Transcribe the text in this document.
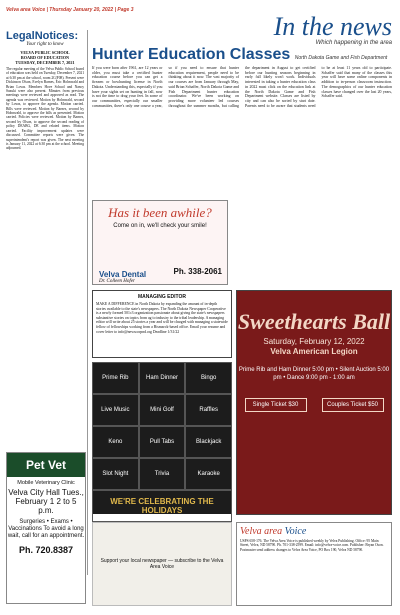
Velva area Voice | Thursday January 20, 2022 | Page 3
In the news
Which happening in the area
LegalNotices:
Your right to know
VELVA PUBLIC SCHOOL
BOARD OF EDUCATION
TUESDAY, DECEMBER 7, 2021
The regular meeting of the Velva Public School board of education was held on Tuesday, December 7, 2021 at 6:30 pm at the school, room 2C(F08). Present were Dickinson Olson, Evelyn Barnes, Eric Hohnwald and Brian Lovas. Members Hove Schuol and Nancy Suzuki were also present. Minutes from previous meetings were reviewed and approved as read. The agenda was reviewed. Motion by Hohnwald, second by Lovas, to approve the agenda. Motion carried. Bills were reviewed. Motion by Barnes, second by Hohnwald, to approve the bills as presented. Motion carried. Policies were reviewed. Motion by Barnes, second by Olson, to approve the second reading of policy DEABG, DE and related items. Motion carried. Facility improvement updates were discussed. Committee reports were given. The superintendent's report was given. The next meeting is January 11, 2022 at 6:30 pm at the school. Meeting adjourned.
Pet Vet
Mobile Veterinary Clinic
Velva City Hall Tues., February 1 2 to 5 p.m.
Surgeries • Exams • Vaccinations To avoid a long wait, call for an appointment.
Ph. 720.8387
Hunter Education Classes North Dakota Game and Fish Department
If you were born after 1961, are 12 years or older, you must take a certified hunter education course before you can get a firearm or bowhunting license in North Dakota. Understanding this, especially if you have your sights set on hunting in fall, now is not the time to drag your feet. In some of our communities, especially our smaller communities, there's only one course a year, so if you need to ensure that hunter education requirement, people need to be thinking about it now. The vast majority of our courses are from January through May, said Brian Schaffer, North Dakota Game and Fish Department hunter education coordinator. We've been working on providing more volunteer led courses throughout the summer months, but calling the department in August to get certified before our hunting seasons beginning in early fall likely won't work. Individuals interested in taking a hunter education class in 2022 must click on the education link at the North Dakota Game and Fish Department website. Classes are listed by city and can also be sorted by start date. Parents need to be aware that students need to be at least 11 years old to participate. Schaffer said that many of the classes this year will have some online components in addition to in-person classroom instruction. The demographics of our hunter education classes have changed over the last 20 years, Schaffer said.
Has it been awhile?
Come on in, we'll check your smile!
Velva Dental
Dr. Colleen Hofer
Ph. 338-2061
MANAGING EDITOR
MAKE A DIFFERENCE in North Dakota by expanding the amount of in-depth stories available to the state's newspapers. The North Dakota Newspaper Cooperative is a newly formed 501c3 organization passionate about giving the state's newspapers substantive stories on topics from ag to industry to the tribal leadership. A managing editor will write about 25 stories a year and will be charged with managing a statewide fellow of fellowships working from a Bismarck-based office. Email your resume and cover letter to info@newscorpnd.org Deadline 1/31/22
Prime Rib	Ham Dinner	Bingo
Live Music	Mini Golf	Raffles
Keno	Pull Tabs	Blackjack
Slot Night	Trivia	Karaoke
WE'RE CELEBRATING THE HOLIDAYS
Sweethearts Ball
Saturday, February 12, 2022
Velva American Legion
Prime Rib and Ham Dinner 5:00 pm • Silent Auction 5:00 pm • Dance 9:00 pm - 1:00 am
Single Ticket $30	Couples Ticket $50
Support your local newspaper — subscribe to the Velva Area Voice
Velva area Voice
USPS 658-176. The Velva Area Voice is published weekly by Velva Publishing. Office: 95 Main Street, Velva, ND 58790. Ph. 701-338-2599. Email: info@velva-voice.com. Publisher: Bryan Oson. Postmaster send address changes to Velva Area Voice, PO Box 190, Velva ND 58790.
